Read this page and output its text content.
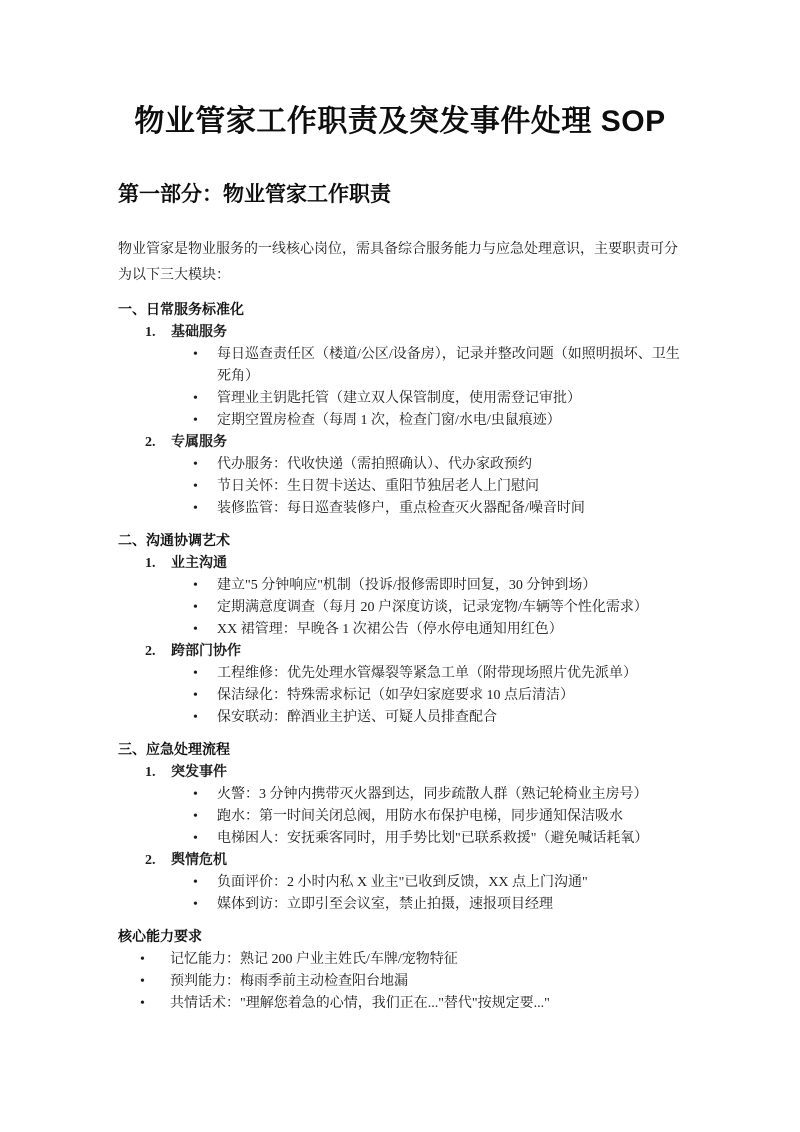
物业管家工作职责及突发事件处理 SOP
第一部分：物业管家工作职责
物业管家是物业服务的一线核心岗位，需具备综合服务能力与应急处理意识，主要职责可分为以下三大模块：
一、日常服务标准化
1.	基础服务
•	每日巡查责任区（楼道/公区/设备房），记录并整改问题（如照明损坏、卫生死角）
•	管理业主钥匙托管（建立双人保管制度，使用需登记审批）
•	定期空置房检查（每周 1 次，检查门窗/水电/虫鼠痕迹）
2.	专属服务
•	代办服务：代收快递（需拍照确认）、代办家政预约
•	节日关怀：生日贺卡送达、重阳节独居老人上门慰问
•	装修监管：每日巡查装修户，重点检查灭火器配备/噪音时间
二、沟通协调艺术
1.	业主沟通
•	建立"5 分钟响应"机制（投诉/报修需即时回复，30 分钟到场）
•	定期满意度调查（每月 20 户深度访谈，记录宠物/车辆等个性化需求）
•	XX 裙管理：早晚各 1 次裙公告（停水停电通知用红色）
2.	跨部门协作
•	工程维修：优先处理水管爆裂等紧急工单（附带现场照片优先派单）
•	保洁绿化：特殊需求标记（如孕妇家庭要求 10 点后清洁）
•	保安联动：醉酒业主护送、可疑人员排查配合
三、应急处理流程
1.	突发事件
•	火警：3 分钟内携带灭火器到达，同步疏散人群（熟记轮椅业主房号）
•	跑水：第一时间关闭总阀，用防水布保护电梯，同步通知保洁吸水
•	电梯困人：安抚乘客同时，用手势比划"已联系救援"（避免喊话耗氧）
2.	舆情危机
•	负面评价：2 小时内私 X 业主"已收到反馈，XX 点上门沟通"
•	媒体到访：立即引至会议室，禁止拍摄，速报项目经理
核心能力要求
•	记忆能力：熟记 200 户业主姓氏/车牌/宠物特征
•	预判能力：梅雨季前主动检查阳台地漏
•	共情话术："理解您着急的心情，我们正在..."替代"按规定要..."
